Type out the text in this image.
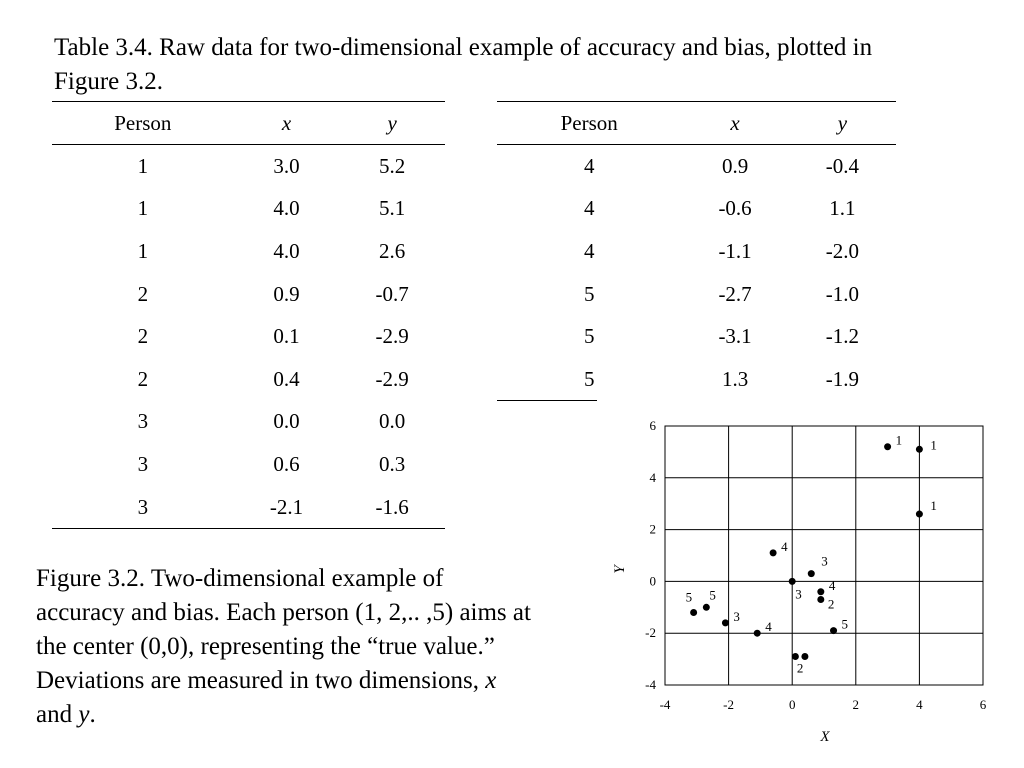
Table 3.4. Raw data for two-dimensional example of accuracy and bias, plotted in Figure 3.2.
Person	x	y
1	3.0	5.2
1	4.0	5.1
1	4.0	2.6
2	0.9	-0.7
2	0.1	-2.9
2	0.4	-2.9
3	0.0	0.0
3	0.6	0.3
3	-2.1	-1.6
Person	x	y
4	0.9	-0.4
4	-0.6	1.1
4	-1.1	-2.0
5	-2.7	-1.0
5	-3.1	-1.2
5	1.3	-1.9
Figure 3.2. Two-dimensional example of accuracy and bias. Each person (1, 2,.. ,5) aims at the center (0,0), representing the “true value.” Deviations are measured in two dimensions, x and y.	-4	-2	0	2	4	6
-4
-2
0
2
4
6
X
Y
1 1
1
2
2
3
3
3
4
4
4
5
5
5
